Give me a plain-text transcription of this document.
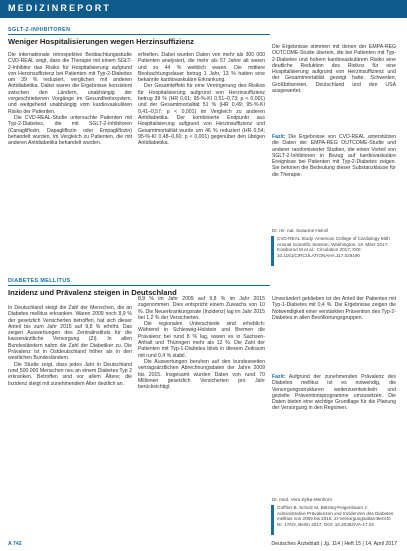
MEDIZINREPORT
SGLT-2-INHIBITOREN
Weniger Hospitalisierungen wegen Herzinsuffizienz

Die internationale retrospektive Beobachtungsstudie CVD-REAL zeigt, dass die Therapie mit einem SGLT-2-Inhibitor das Risiko für Hospitalisierung aufgrund von Herzinsuffizienz bei Patienten mit Typ-2-Diabetes um 39 % reduziert, verglichen mit anderen Antidiabetika. Dabei waren die Ergebnisse konsistent zwischen den Ländern, unabhängig der vorgeschriebenen Vorgänge im Gesundheitssystem, und weitgehend unabhängig vom kardiovaskulären Risiko der Patienten.

Die CVD-REAL-Studie untersuchte Patienten mit Typ-2-Diabetes, die mit SGLT-2-Inhibitoren (Canagliflozin, Dapagliflozin oder Empagliflozin) behandelt wurden, im Vergleich zu Patienten, die mit anderen Antidiabetika behandelt wurden.

erhielten. Dabei wurden Daten von mehr als 300 000 Patienten analysiert, die mehr als 57 Jahre alt waren und zu 44 % weiblich waren. Die mittlere Beobachtungsdauer betrug 1 Jahr, 13 % hatten eine bekannte kardiovaskuläre Erkrankung.

Der Gesamteffekt für eine Verringerung des Risikos für Hospitalisierung aufgrund von Herzinsuffizienz betrug 39 % (HR 0,61; 95-%-KI 0,51–0,73; p < 0,001) und der Gesamtmortalität 51 % (HR 0,49; 95-%-KI 0,41–0,57; p < 0,001) im Vergleich zu anderen Antidiabetika. Der kombinierte Endpunkt aus Hospitalisierung aufgrund von Herzinsuffizienz und Gesamtmortalität wurde um 46 % reduziert (HR 0,54; 95-%-KI 0,48–0,60; p < 0,001) gegenüber den übrigen Antidiabetika.

Die Ergebnisse stimmen mit denen der EMPA-REG OUTCOME-Studie überein, die bei Patienten mit Typ-2-Diabetes und hohem kardiovaskulärem Risiko eine deutliche Reduktion des Risikos für eine Hospitalisierung aufgrund von Herzinsuffizienz und der Gesamtmortalität gezeigt hatte. Schweden, Großbritannien, Deutschland und den USA ausgewertet.

Fazit: Die Ergebnisse von CVD-REAL unterstützen die Daten der EMPA-REG OUTCOME-Studie und anderer randomisierter Studien, die einen Vorteil von SGLT-2-Inhibitoren in Bezug auf kardiovaskuläre Ereignisse bei Patienten mit Typ-2-Diabetes zeigen. Sie betonen die Bedeutung dieser Substanzklasse für die Therapie.

Dr. rer. nat. Susanne Heinzl
CVD-REAL Study. American College of Cardiology 66th Annual Scientific Session, Washington, 18. März 2017; Kosiborod M et al.: Circulation 2017; DOI: 10.1161/CIRCULATIONAHA.117.029190
DIABETES MELLITUS
Inzidenz und Prävalenz steigen in Deutschland

In Deutschland steigt die Zahl der Menschen, die an Diabetes mellitus erkranken. Waren 2009 noch 8,9 % der gesetzlich Versicherten betroffen, hat sich dieser Anteil bis zum Jahr 2015 auf 9,8 % erhöht. Das zeigen Auswertungen des Zentralinstituts für die kassenärztliche Versorgung (Zi). In allen Bundesländern nahm die Zahl der Diabetiker zu. Die Prävalenz ist in Ostdeutschland höher als in den westlichen Bundesländern.

Die Studie zeigt, dass jedes Jahr in Deutschland rund 500 000 Menschen neu an einem Diabetes Typ 2 erkranken. Betroffen sind vor allem Ältere; die Inzidenz steigt mit zunehmendem Alter deutlich an.

8,9 % im Jahr 2009 auf 9,8 % im Jahr 2015 zugenommen. Dies entspricht einem Zuwachs von 10 %. Die Neuerkrankungsrate (Inzidenz) lag im Jahr 2015 bei 1,2 % der Versicherten.

Die regionalen Unterschiede sind erheblich: Während in Schleswig-Holstein und Bremen die Prävalenz bei rund 8 % lag, waren es in Sachsen-Anhalt und Thüringen mehr als 12 %. Die Zahl der Patienten mit Typ-1-Diabetes blieb in diesem Zeitraum mit rund 0,4 % stabil.

Die Auswertungen beruhen auf den bundesweiten vertragsärztlichen Abrechnungsdaten der Jahre 2009 bis 2015. Insgesamt wurden Daten von rund 70 Millionen gesetzlich Versicherten pro Jahr berücksichtigt.

Unverändert geblieben ist der Anteil der Patienten mit Typ-1-Diabetes mit 0,4 %. Die Ergebnisse zeigen die Notwendigkeit einer verstärkten Prävention des Typ-2-Diabetes in allen Bevölkerungsgruppen.

Fazit: Aufgrund der zunehmenden Prävalenz des Diabetes mellitus ist es notwendig, die Versorgungsstrukturen weiterzuentwickeln und gezielte Präventionsprogramme umzusetzen. Die Daten bieten eine wichtige Grundlage für die Planung der Versorgung in den Regionen.

Dr. med. Vera Zylka-Menhorn
Goffrier B, Schulz M, Bätzing-Feigenbaum J: Administrative Prävalenzen und Inzidenzen des Diabetes mellitus von 2009 bis 2015. Zi-Versorgungsatlas-Bericht Nr. 17/03, Berlin 2017; DOI: 10.20364/VA-17.03
A 742	Deutsches Ärzteblatt | Jg. 114 | Heft 15 | 14. April 2017
